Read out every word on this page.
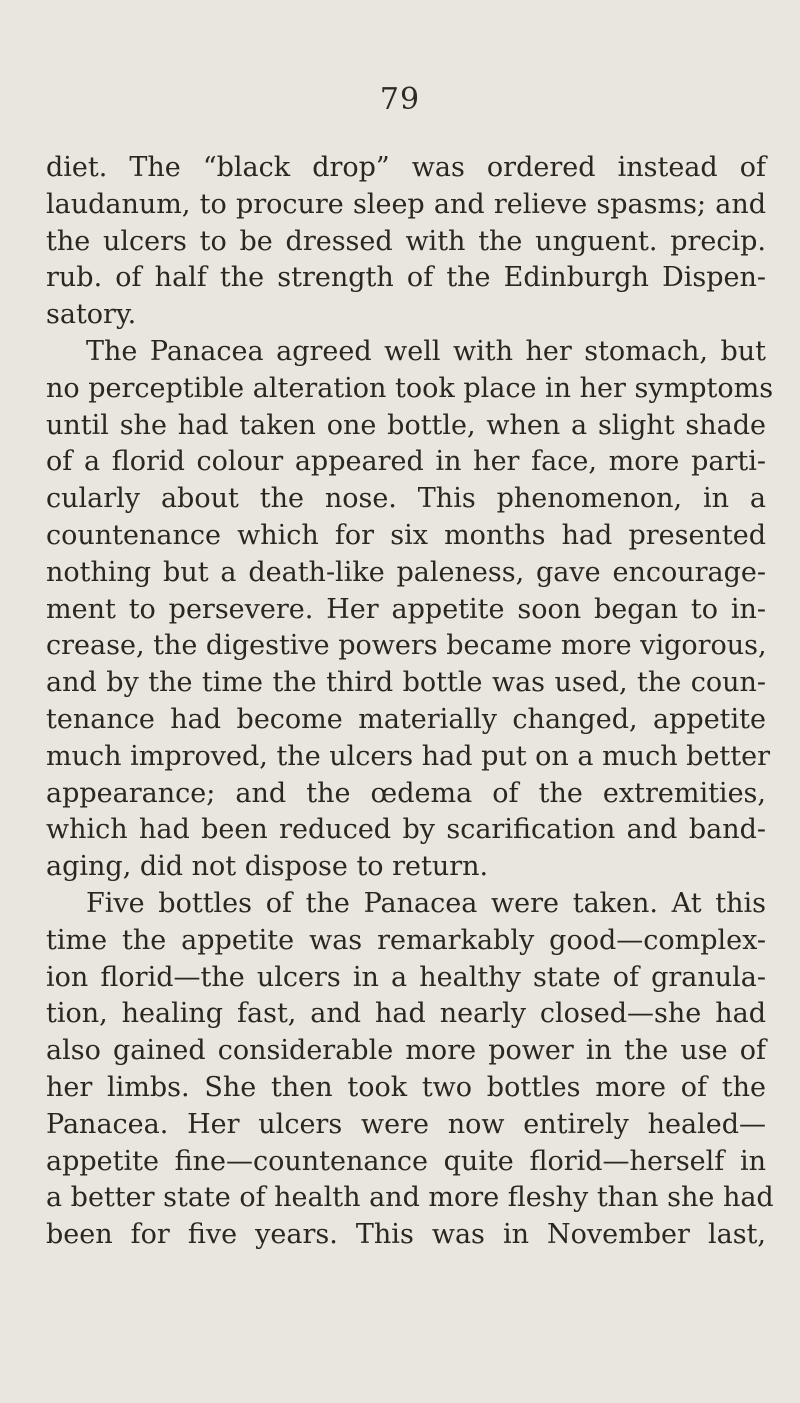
79
diet. The “black drop” was ordered instead of
laudanum, to procure sleep and relieve spasms; and
the ulcers to be dressed with the unguent. precip.
rub. of half the strength of the Edinburgh Dispen-
satory.
The Panacea agreed well with her stomach, but
no perceptible alteration took place in her symptoms
until she had taken one bottle, when a slight shade
of a florid colour appeared in her face, more parti-
cularly about the nose. This phenomenon, in a
countenance which for six months had presented
nothing but a death-like paleness, gave encourage-
ment to persevere. Her appetite soon began to in-
crease, the digestive powers became more vigorous,
and by the time the third bottle was used, the coun-
tenance had become materially changed, appetite
much improved, the ulcers had put on a much better
appearance; and the œdema of the extremities,
which had been reduced by scarification and band-
aging, did not dispose to return.
Five bottles of the Panacea were taken. At this
time the appetite was remarkably good—complex-
ion florid—the ulcers in a healthy state of granula-
tion, healing fast, and had nearly closed—she had
also gained considerable more power in the use of
her limbs. She then took two bottles more of the
Panacea. Her ulcers were now entirely healed—
appetite fine—countenance quite florid—herself in
a better state of health and more fleshy than she had
been for five years. This was in November last,
